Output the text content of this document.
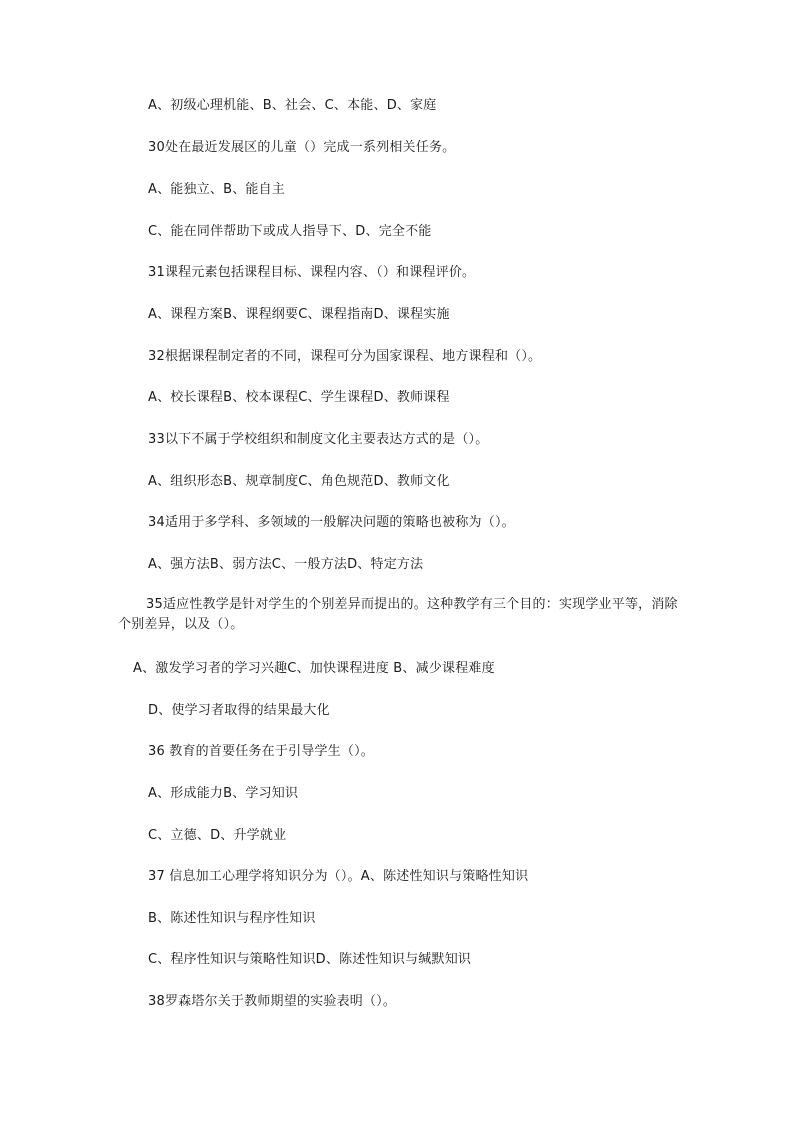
A、初级心理机能、B、社会、C、本能、D、家庭
30处在最近发展区的儿童（）完成一系列相关任务。
A、能独立、B、能自主
C、能在同伴帮助下或成人指导下、D、完全不能
31课程元素包括课程目标、课程内容、（）和课程评价。
A、课程方案B、课程纲要C、课程指南D、课程实施
32根据课程制定者的不同，课程可分为国家课程、地方课程和（）。
A、校长课程B、校本课程C、学生课程D、教师课程
33以下不属于学校组织和制度文化主要表达方式的是（）。
A、组织形态B、规章制度C、角色规范D、教师文化
34适用于多学科、多领域的一般解决问题的策略也被称为（）。
A、强方法B、弱方法C、一般方法D、特定方法
35适应性教学是针对学生的个别差异而提出的。这种教学有三个目的：实现学业平等，消除个别差异，以及（）。
A、激发学习者的学习兴趣C、加快课程进度 B、减少课程难度
D、使学习者取得的结果最大化
36 教育的首要任务在于引导学生（）。
A、形成能力B、学习知识
C、立德、D、升学就业
37 信息加工心理学将知识分为（）。A、陈述性知识与策略性知识
B、陈述性知识与程序性知识
C、程序性知识与策略性知识D、陈述性知识与缄默知识
38罗森塔尔关于教师期望的实验表明（）。
